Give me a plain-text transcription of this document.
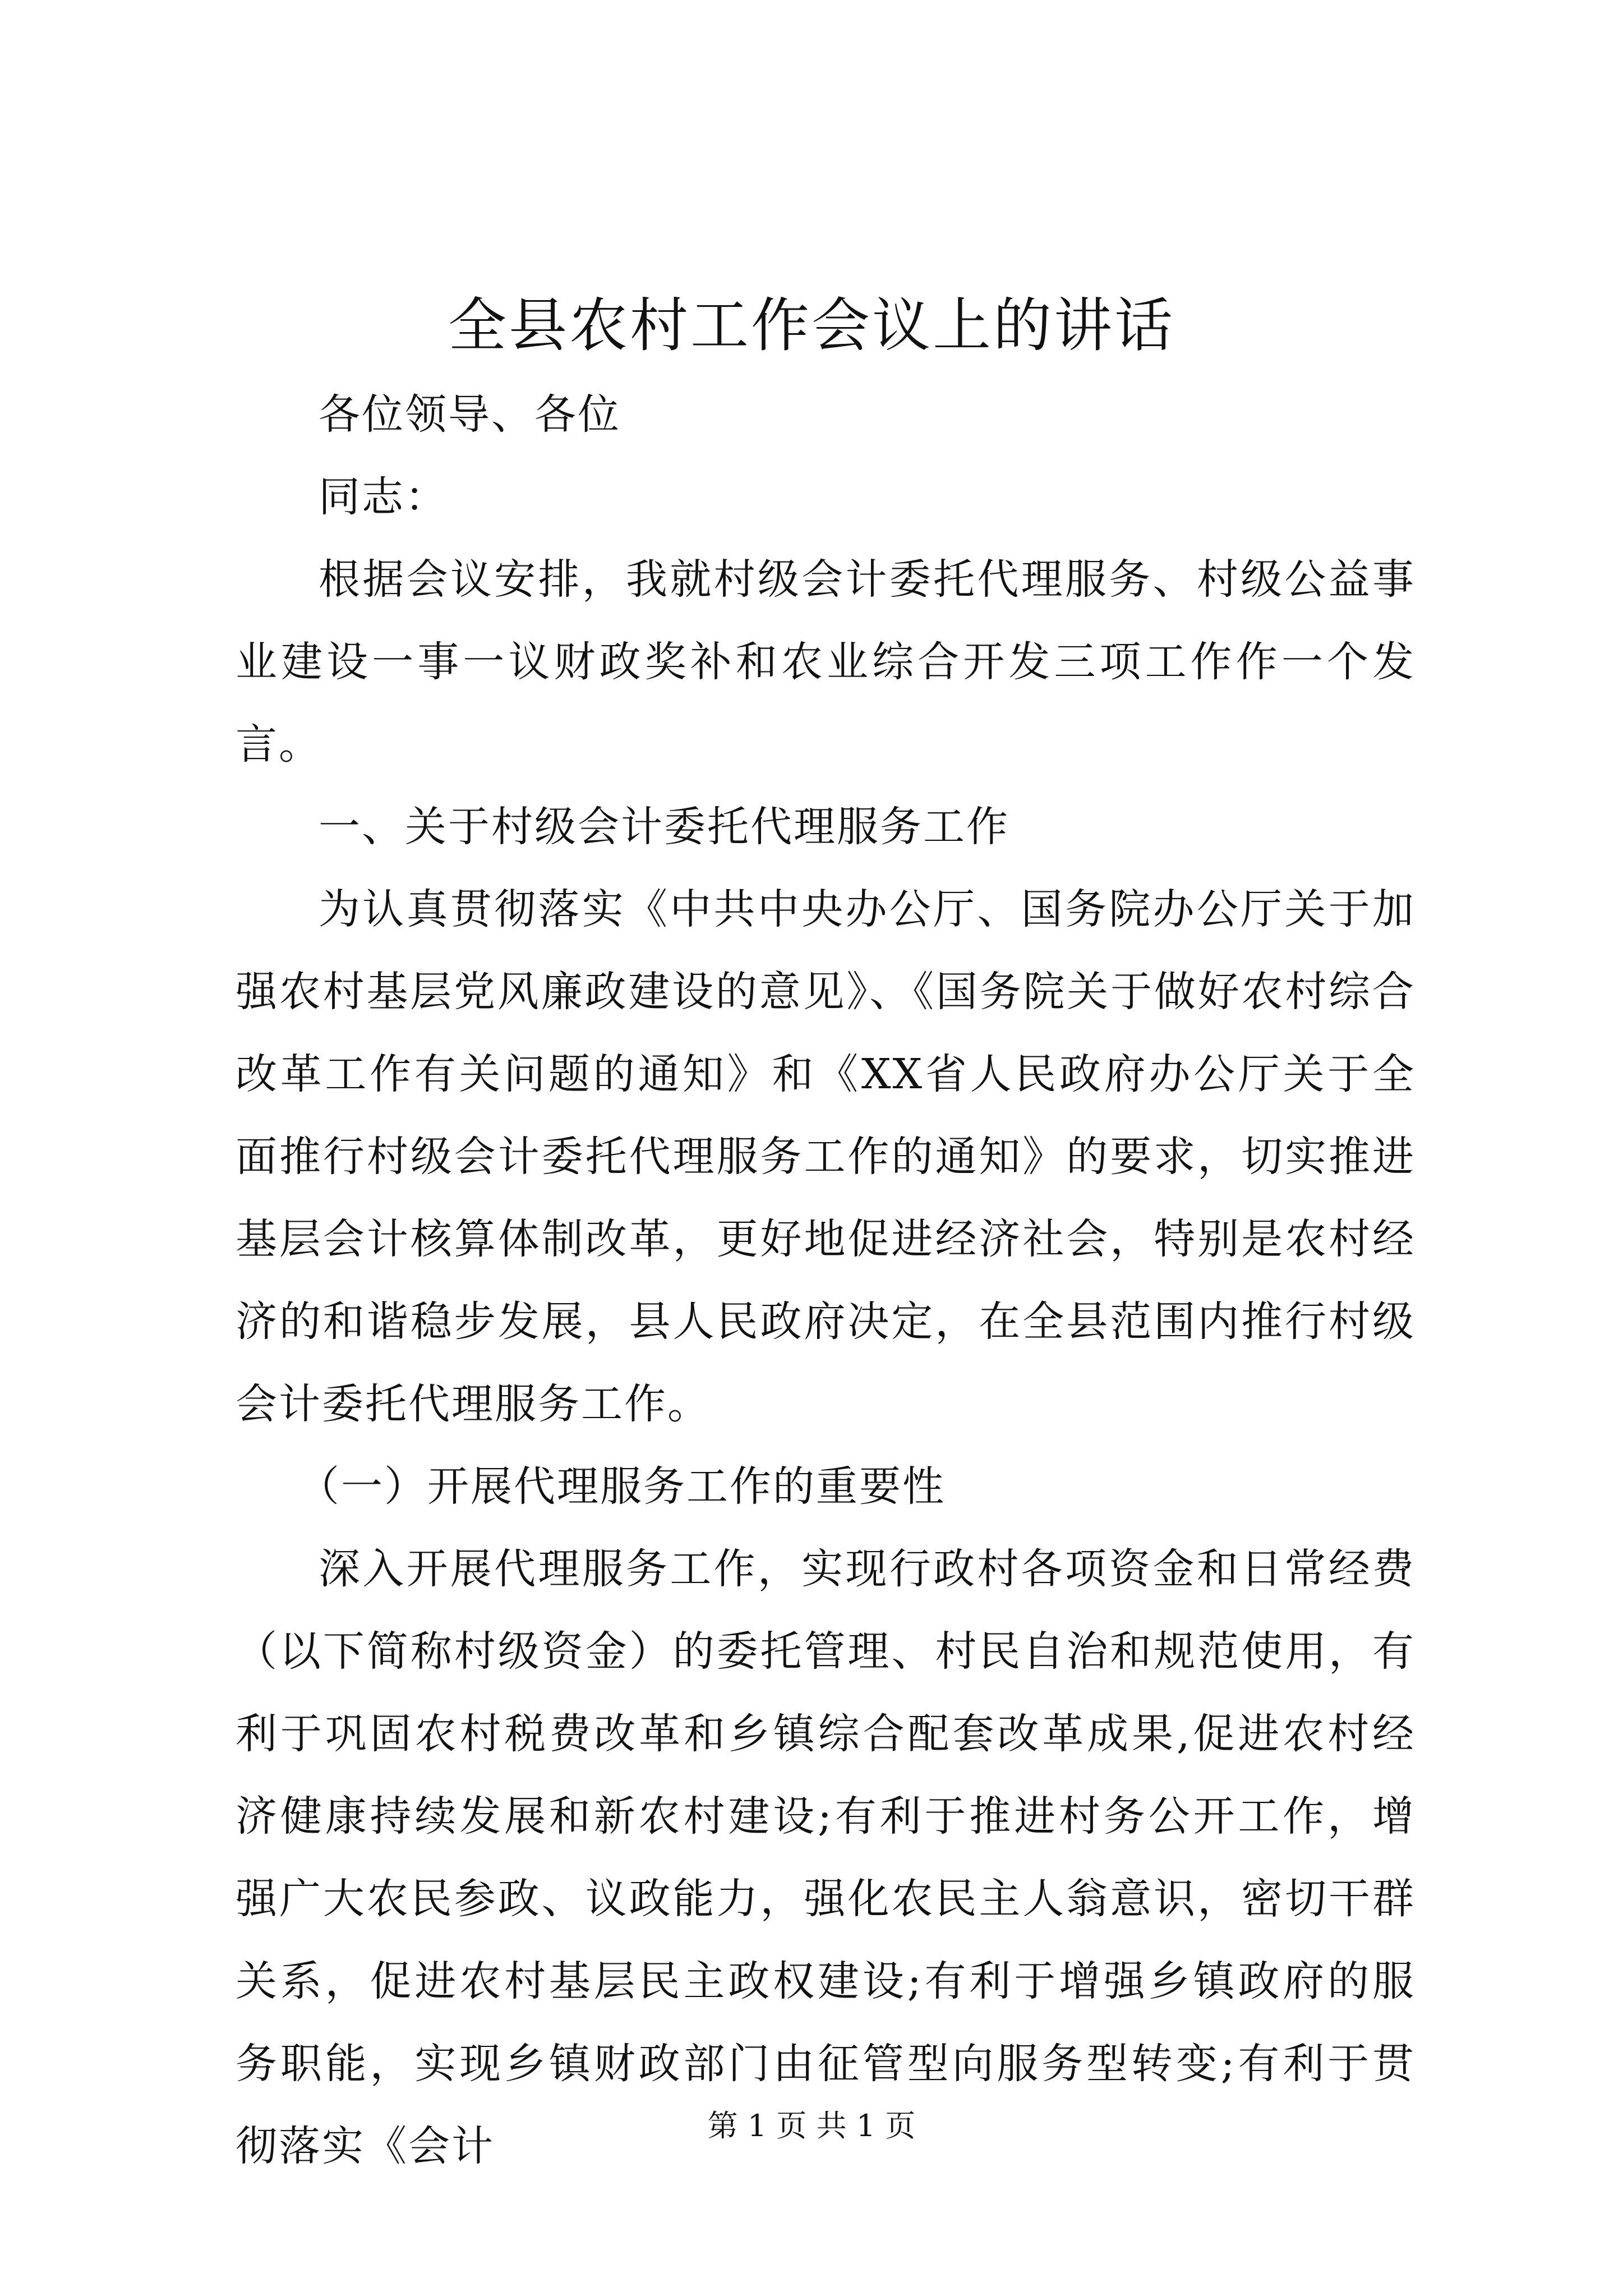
全县农村工作会议上的讲话

各位领导、各位

同志：

根据会议安排，我就村级会计委托代理服务、村级公益事业建设一事一议财政奖补和农业综合开发三项工作作一个发言。

一、关于村级会计委托代理服务工作

为认真贯彻落实《中共中央办公厅、国务院办公厅关于加强农村基层党风廉政建设的意见》、《国务院关于做好农村综合改革工作有关问题的通知》和《XX省人民政府办公厅关于全面推行村级会计委托代理服务工作的通知》的要求，切实推进基层会计核算体制改革，更好地促进经济社会，特别是农村经济的和谐稳步发展，县人民政府决定，在全县范围内推行村级会计委托代理服务工作。

（一）开展代理服务工作的重要性

深入开展代理服务工作，实现行政村各项资金和日常经费（以下简称村级资金）的委托管理、村民自治和规范使用，有利于巩固农村税费改革和乡镇综合配套改革成果,促进农村经济健康持续发展和新农村建设;有利于推进村务公开工作，增强广大农民参政、议政能力，强化农民主人翁意识，密切干群关系，促进农村基层民主政权建设;有利于增强乡镇政府的服务职能，实现乡镇财政部门由征管型向服务型转变;有利于贯彻落实《会计	第 1 页 共 1 页
